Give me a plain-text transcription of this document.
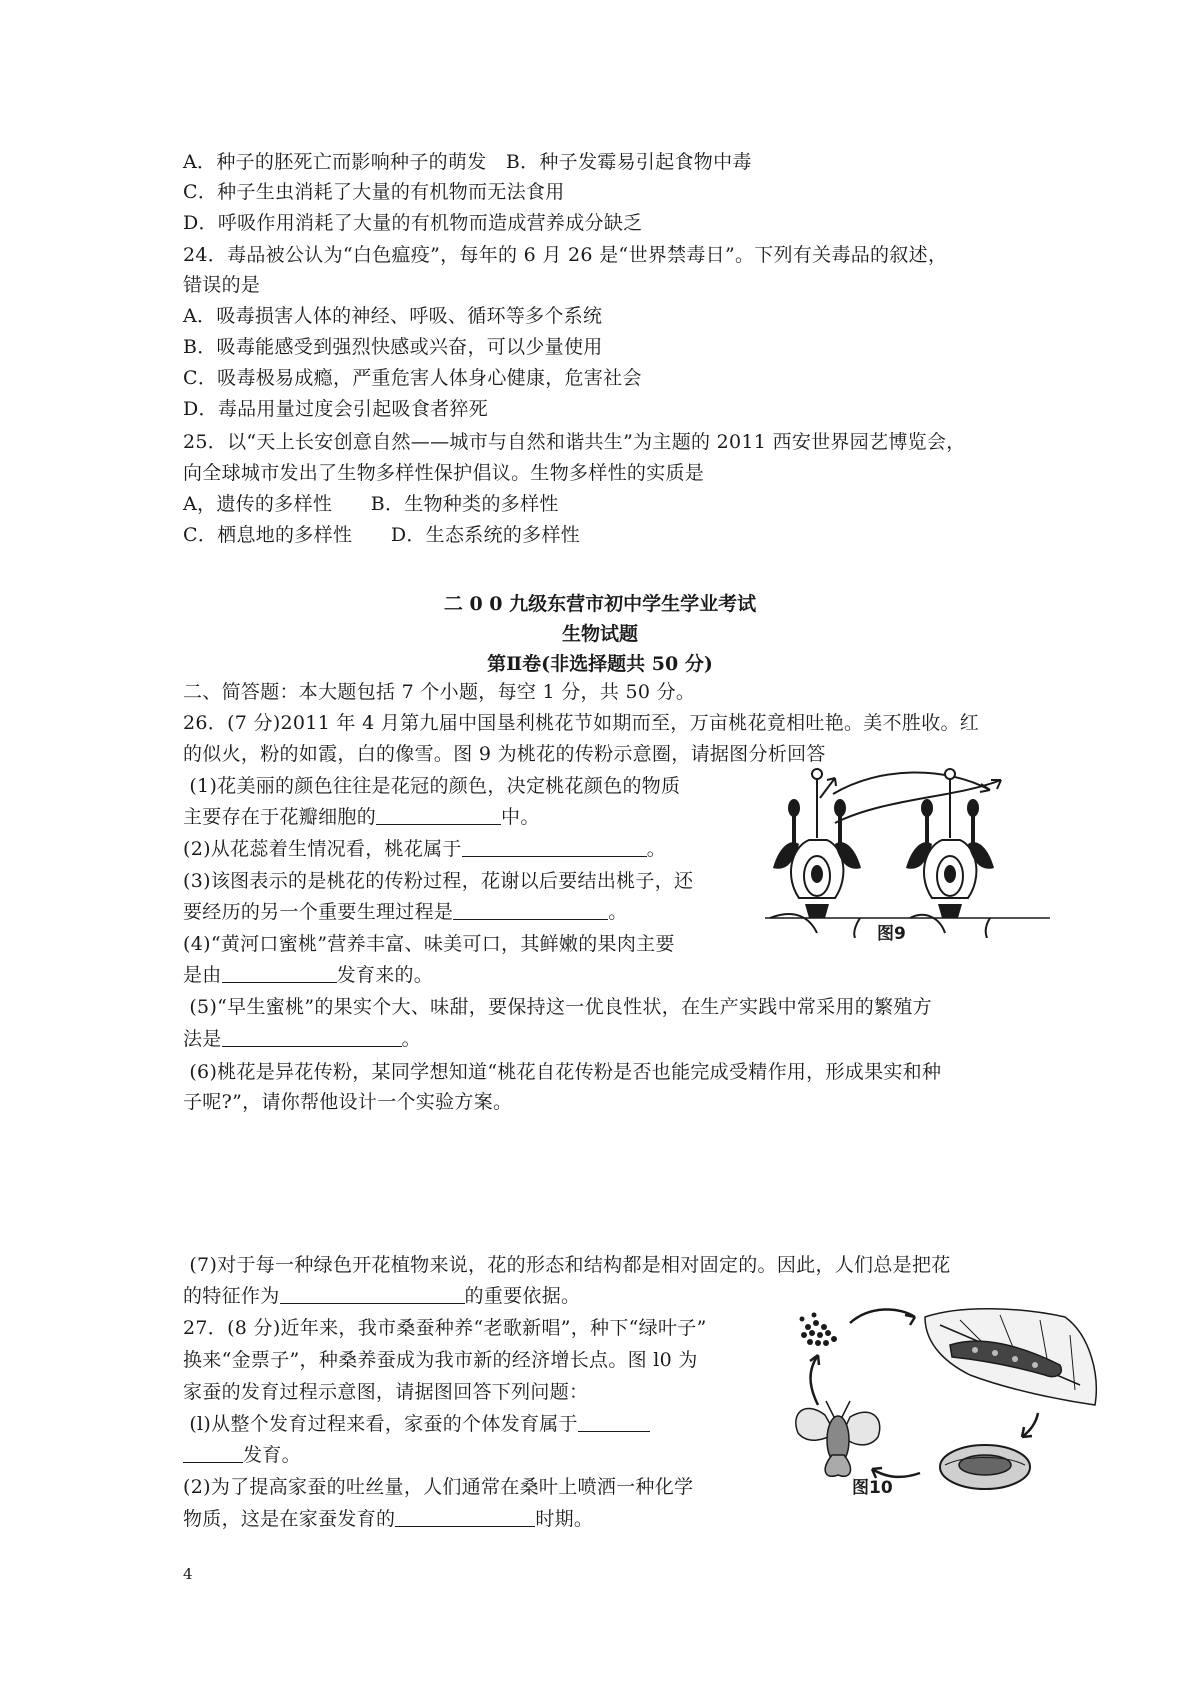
A．种子的胚死亡而影响种子的萌发　B．种子发霉易引起食物中毒
C．种子生虫消耗了大量的有机物而无法食用
D．呼吸作用消耗了大量的有机物而造成营养成分缺乏
24．毒品被公认为“白色瘟疫”，每年的 6 月 26 是“世界禁毒日”。下列有关毒品的叙述，
错误的是
A．吸毒损害人体的神经、呼吸、循环等多个系统
B．吸毒能感受到强烈快感或兴奋，可以少量使用
C．吸毒极易成瘾，严重危害人体身心健康，危害社会
D．毒品用量过度会引起吸食者猝死
25．以“天上长安创意自然——城市与自然和谐共生”为主题的 2011 西安世界园艺博览会，
向全球城市发出了生物多样性保护倡议。生物多样性的实质是
A，遗传的多样性　　B．生物种类的多样性
C．栖息地的多样性　　D．生态系统的多样性
二 0 0 九级东营市初中学生学业考试
生物试题
第Ⅱ卷(非选择题共 50 分)
二、简答题：本大题包括 7 个小题，每空 1 分，共 50 分。
26．(7 分)2011 年 4 月第九届中国垦利桃花节如期而至，万亩桃花竟相吐艳。美不胜收。红
的似火，粉的如霞，白的像雪。图 9 为桃花的传粉示意圈，请据图分析回答
(1)花美丽的颜色往往是花冠的颜色，决定桃花颜色的物质
主要存在于花瓣细胞的	中。
(2)从花蕊着生情况看，桃花属于	。
(3)该图表示的是桃花的传粉过程，花谢以后要结出桃子，还
要经历的另一个重要生理过程是	。
(4)“黄河口蜜桃”营养丰富、味美可口，其鲜嫩的果肉主要
是由	发育来的。
(5)“早生蜜桃”的果实个大、味甜，要保持这一优良性状，在生产实践中常采用的繁殖方
法是	。
(6)桃花是异花传粉，某同学想知道“桃花自花传粉是否也能完成受精作用，形成果实和种
子呢?”，请你帮他设计一个实验方案。
(7)对于每一种绿色开花植物来说，花的形态和结构都是相对固定的。因此，人们总是把花
的特征作为	的重要依据。
图9
27．(8 分)近年来，我市桑蚕种养“老歌新唱”，种下“绿叶子”
换来“金票子”，种桑养蚕成为我市新的经济增长点。图 l0 为
家蚕的发育过程示意图，请据图回答下列问题：
(l)从整个发育过程来看，家蚕的个体发育属于
发育。
(2)为了提高家蚕的吐丝量，人们通常在桑叶上喷洒一种化学
物质，这是在家蚕发育的	时期。
图10
4
